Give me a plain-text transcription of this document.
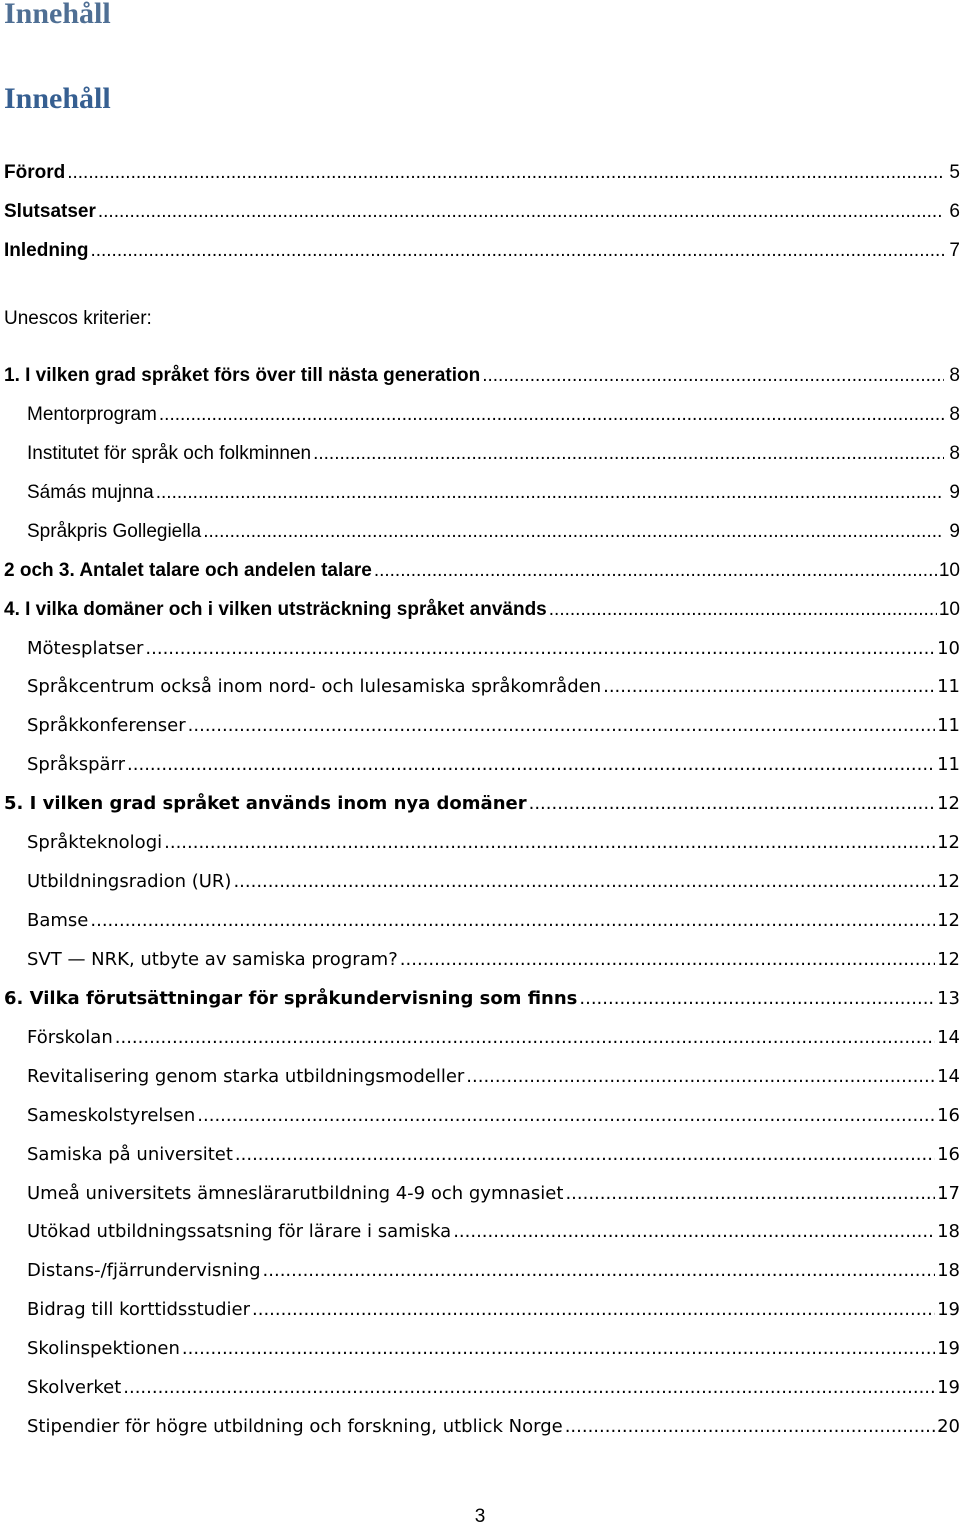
Innehåll
Innehåll
Förord .....	5
Slutsatser .....	6
Inledning .....	7
1. I vilken grad språket förs över till nästa generation .....	8
Mentorprogram .....	8
Institutet för språk och folkminnen .....	8
Sámás mujnna .....	9
Språkpris Gollegiella .....	9
2 och 3. Antalet talare och andelen talare .....	10
4. I vilka domäner och i vilken utsträckning språket används .....	10
Mötesplatser .....	10
Språkcentrum också inom nord- och lulesamiska språkområden .....	11
Språkkonferenser .....	11
Språkspärr .....	11
5. I vilken grad språket används inom nya domäner .....	12
Språkteknologi .....	12
Utbildningsradion (UR) .....	12
Bamse .....	12
SVT — NRK, utbyte av samiska program? .....	12
6. Vilka förutsättningar för språkundervisning som finns .....	13
Förskolan .....	14
Revitalisering genom starka utbildningsmodeller .....	14
Sameskolstyrelsen .....	16
Samiska på universitet .....	16
Umeå universitets ämneslärarutbildning 4-9 och gymnasiet .....	17
Utökad utbildningssatsning för lärare i samiska .....	18
Distans-/fjärrundervisning .....	18
Bidrag till korttidsstudier .....	19
Skolinspektionen .....	19
Skolverket .....	19
Stipendier för högre utbildning och forskning, utblick Norge .....	20
Unescos kriterier:
3
